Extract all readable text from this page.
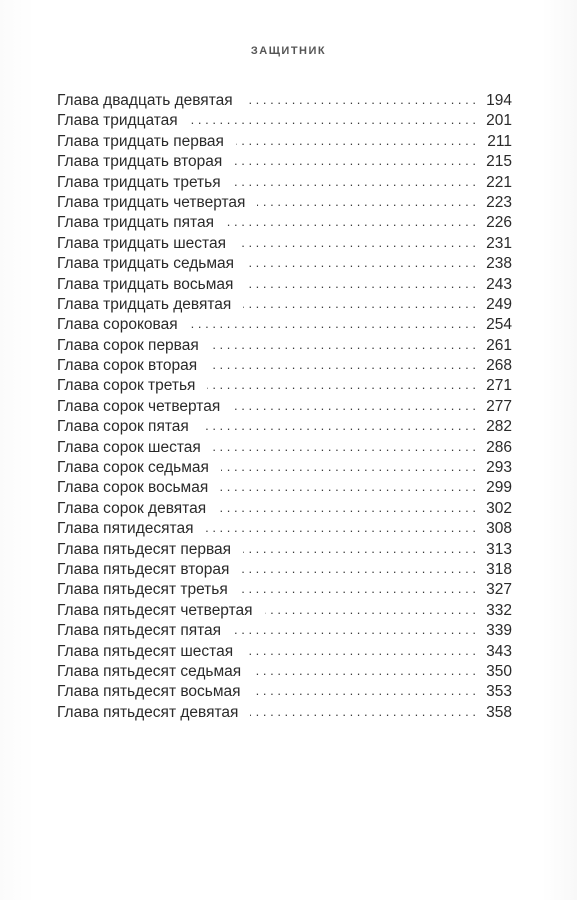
ЗАЩИТНИК
Глава двадцать девятая . . .	194
Глава тридцатая . . .	201
Глава тридцать первая . . .	211
Глава тридцать вторая . . .	215
Глава тридцать третья . . .	221
Глава тридцать четвертая . . .	223
Глава тридцать пятая . . .	226
Глава тридцать шестая . . .	231
Глава тридцать седьмая . . .	238
Глава тридцать восьмая . . .	243
Глава тридцать девятая . . .	249
Глава сороковая . . .	254
Глава сорок первая . . .	261
Глава сорок вторая . . .	268
Глава сорок третья . . .	271
Глава сорок четвертая . . .	277
Глава сорок пятая . . .	282
Глава сорок шестая . . .	286
Глава сорок седьмая . . .	293
Глава сорок восьмая . . .	299
Глава сорок девятая . . .	302
Глава пятидесятая . . .	308
Глава пятьдесят первая . . .	313
Глава пятьдесят вторая . . .	318
Глава пятьдесят третья . . .	327
Глава пятьдесят четвертая . . .	332
Глава пятьдесят пятая . . .	339
Глава пятьдесят шестая . . .	343
Глава пятьдесят седьмая . . .	350
Глава пятьдесят восьмая . . .	353
Глава пятьдесят девятая . . .	358
